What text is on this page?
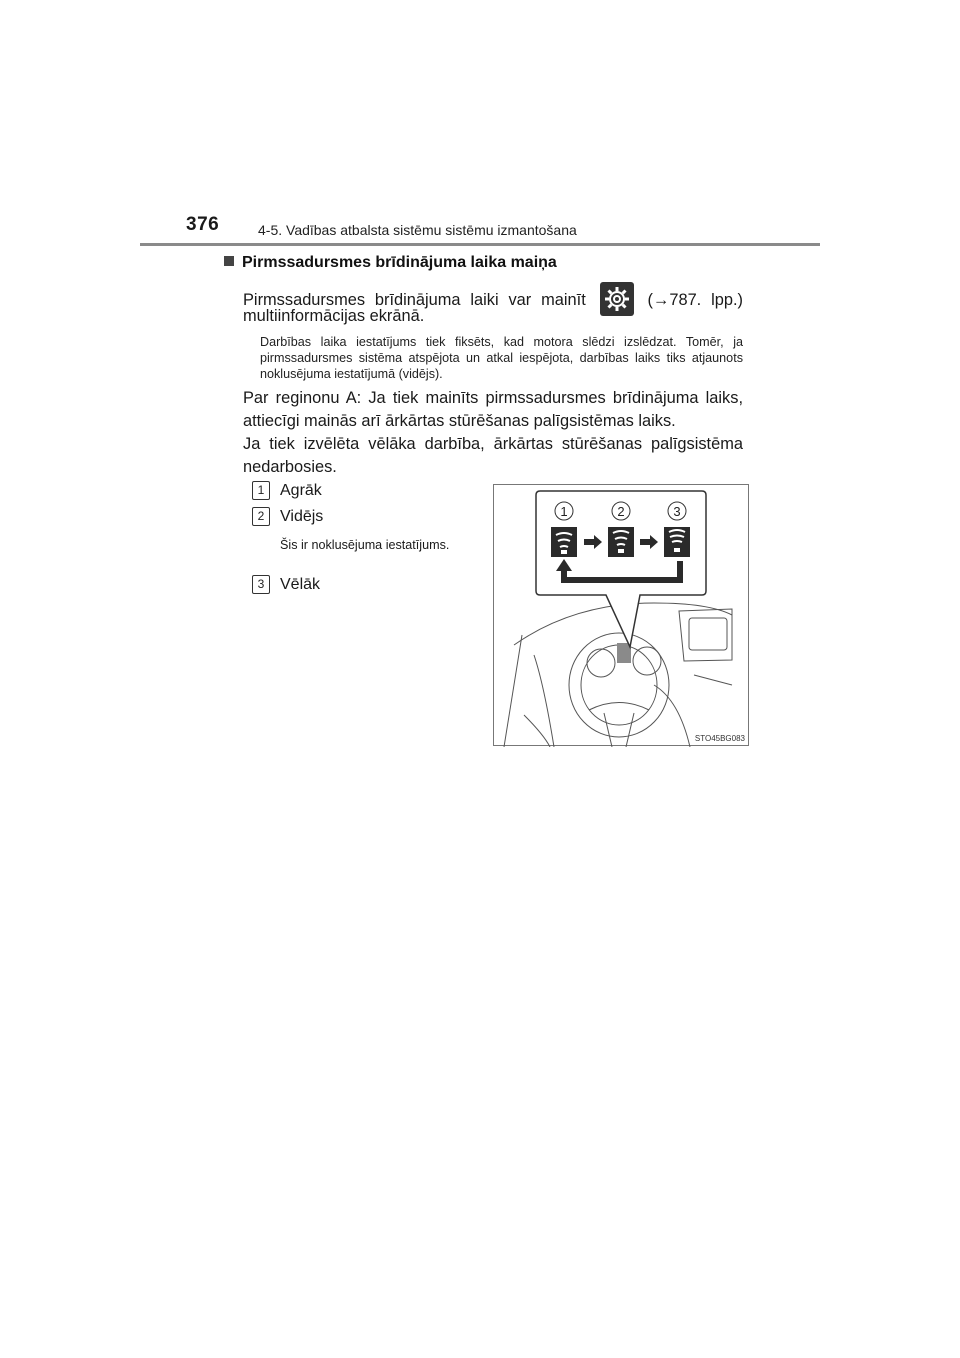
376	4-5. Vadības atbalsta sistēmu sistēmu izmantošana
Pirmssadursmes brīdinājuma laika maiņa
Pirmssadursmes brīdinājuma laiki var mainīt	(→787. lpp.)
multiinformācijas ekrānā.
Darbības laika iestatījums tiek fiksēts, kad motora slēdzi izslēdzat. Tomēr, ja pirmssadursmes sistēma atspējota un atkal iespējota, darbības laiks tiks atjaunots noklusējuma iestatījumā (vidējs).
Par reginonu A: Ja tiek mainīts pirmssadursmes brīdinājuma laiks, attiecīgi mainās arī ārkārtas stūrēšanas palīgsistēmas laiks.
Ja tiek izvēlēta vēlāka darbība, ārkārtas stūrēšanas palīgsistēma nedarbosies.
1 Agrāk
2 Vidējs
Šis ir noklusējuma iestatījums.
3 Vēlāk
1	2	3
STO45BG083
